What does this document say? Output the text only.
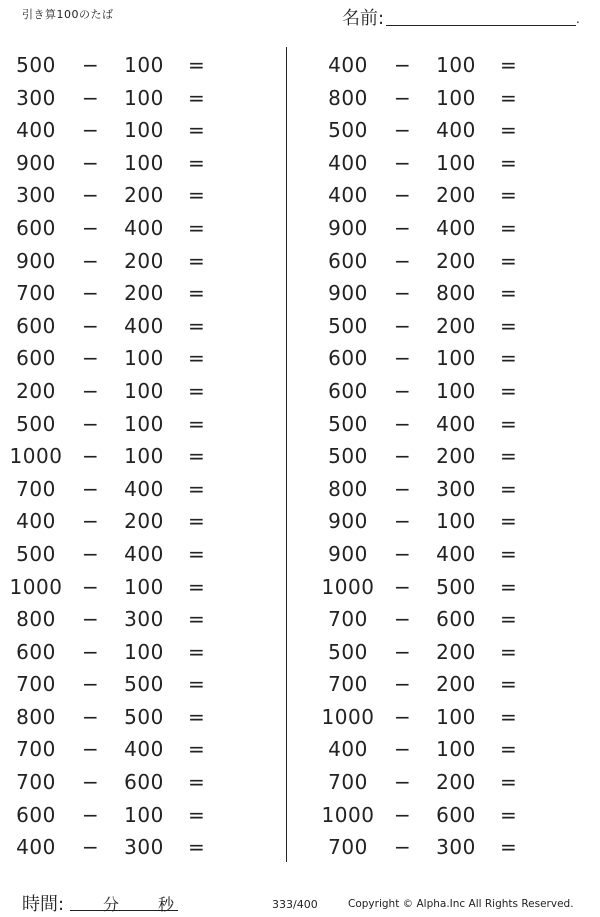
引き算100のたば	名前:	.
500	−	100	=
300	−	100	=
400	−	100	=
900	−	100	=
300	−	200	=
600	−	400	=
900	−	200	=
700	−	200	=
600	−	400	=
600	−	100	=
200	−	100	=
500	−	100	=
1000 −	100	=
700	−	400	=
400	−	200	=
500	−	400	=
1000 −	100	=
800	−	300	=
600	−	100	=
700	−	500	=
800	−	500	=
700	−	400	=
700	−	600	=
600	−	100	=
400	−	300	=
400	−	100	=
800	−	100	=
500	−	400	=
400	−	100	=
400	−	200	=
900	−	400	=
600	−	200	=
900	−	800	=
500	−	200	=
600	−	100	=
600	−	100	=
500	−	400	=
500	−	200	=
800	−	300	=
900	−	100	=
900	−	400	=
1000 −	500	=
700	−	600	=
500	−	200	=
700	−	200	=
1000 −	100	=
400	−	100	=
700	−	200	=
1000 −	600	=
700	−	300	=
時間: 分 秒	333/400	Copyright © Alpha.Inc All Rights Reserved.
